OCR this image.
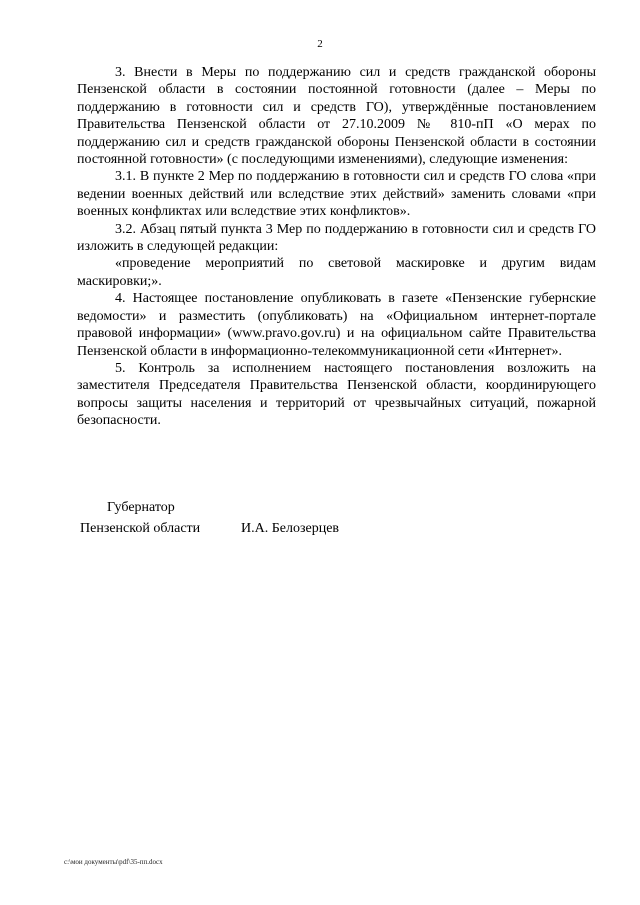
2

3. Внести в Меры по поддержанию сил и средств гражданской обороны Пензенской области в состоянии постоянной готовности (далее – Меры по поддержанию в готовности сил и средств ГО), утверждённые постановлением Правительства Пензенской области от 27.10.2009 № 810-пП «О мерах по поддержанию сил и средств гражданской обороны Пензенской области в состоянии постоянной готовности» (с последующими изменениями), следующие изменения:

3.1. В пункте 2 Мер по поддержанию в готовности сил и средств ГО слова «при ведении военных действий или вследствие этих действий» заменить словами «при военных конфликтах или вследствие этих конфликтов».

3.2. Абзац пятый пункта 3 Мер по поддержанию в готовности сил и средств ГО изложить в следующей редакции:

«проведение мероприятий по световой маскировке и другим видам маскировки;».

4. Настоящее постановление опубликовать в газете «Пензенские губернские ведомости» и разместить (опубликовать) на «Официальном интернет-портале правовой информации» (www.pravo.gov.ru) и на официальном сайте Правительства Пензенской области в информационно-телекоммуникационной сети «Интернет».

5. Контроль за исполнением настоящего постановления возложить на заместителя Председателя Правительства Пензенской области, координирующего вопросы защиты населения и территорий от чрезвычайных ситуаций, пожарной безопасности.

Губернатор
Пензенской области	И.А. Белозерцев
c:\мои документы\pdf\35-пп.docx
